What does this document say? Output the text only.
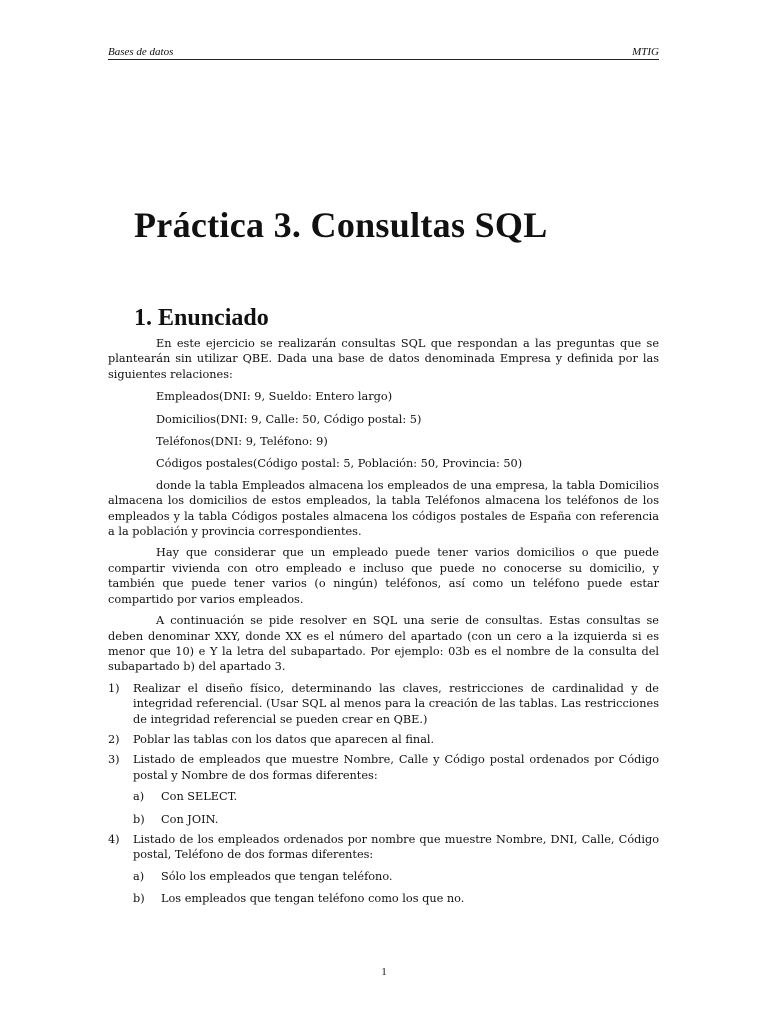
Bases de datos	MTIG
Práctica 3. Consultas SQL
1. Enunciado

En este ejercicio se realizarán consultas SQL que respondan a las preguntas que se plantearán sin utilizar QBE. Dada una base de datos denominada Empresa y definida por las siguientes relaciones:

Empleados(DNI: 9, Sueldo: Entero largo)

Domicilios(DNI: 9, Calle: 50, Código postal: 5)

Teléfonos(DNI: 9, Teléfono: 9)

Códigos postales(Código postal: 5, Población: 50, Provincia: 50)

donde la tabla Empleados almacena los empleados de una empresa, la tabla Domicilios almacena los domicilios de estos empleados, la tabla Teléfonos almacena los teléfonos de los empleados y la tabla Códigos postales almacena los códigos postales de España con referencia a la población y provincia correspondientes.

Hay que considerar que un empleado puede tener varios domicilios o que puede compartir vivienda con otro empleado e incluso que puede no conocerse su domicilio, y también que puede tener varios (o ningún) teléfonos, así como un teléfono puede estar compartido por varios empleados.

A continuación se pide resolver en SQL una serie de consultas. Estas consultas se deben denominar XXY, donde XX es el número del apartado (con un cero a la izquierda si es menor que 10) e Y la letra del subapartado. Por ejemplo: 03b es el nombre de la consulta del subapartado b) del apartado 3.

1) Realizar el diseño físico, determinando las claves, restricciones de cardinalidad y de integridad referencial. (Usar SQL al menos para la creación de las tablas. Las restricciones de integridad referencial se pueden crear en QBE.)
2) Poblar las tablas con los datos que aparecen al final.
3) Listado de empleados que muestre Nombre, Calle y Código postal ordenados por Código postal y Nombre de dos formas diferentes:
a) Con SELECT.
b) Con JOIN.
4) Listado de los empleados ordenados por nombre que muestre Nombre, DNI, Calle, Código postal, Teléfono de dos formas diferentes:
a) Sólo los empleados que tengan teléfono.
b) Los empleados que tengan teléfono como los que no.
1
